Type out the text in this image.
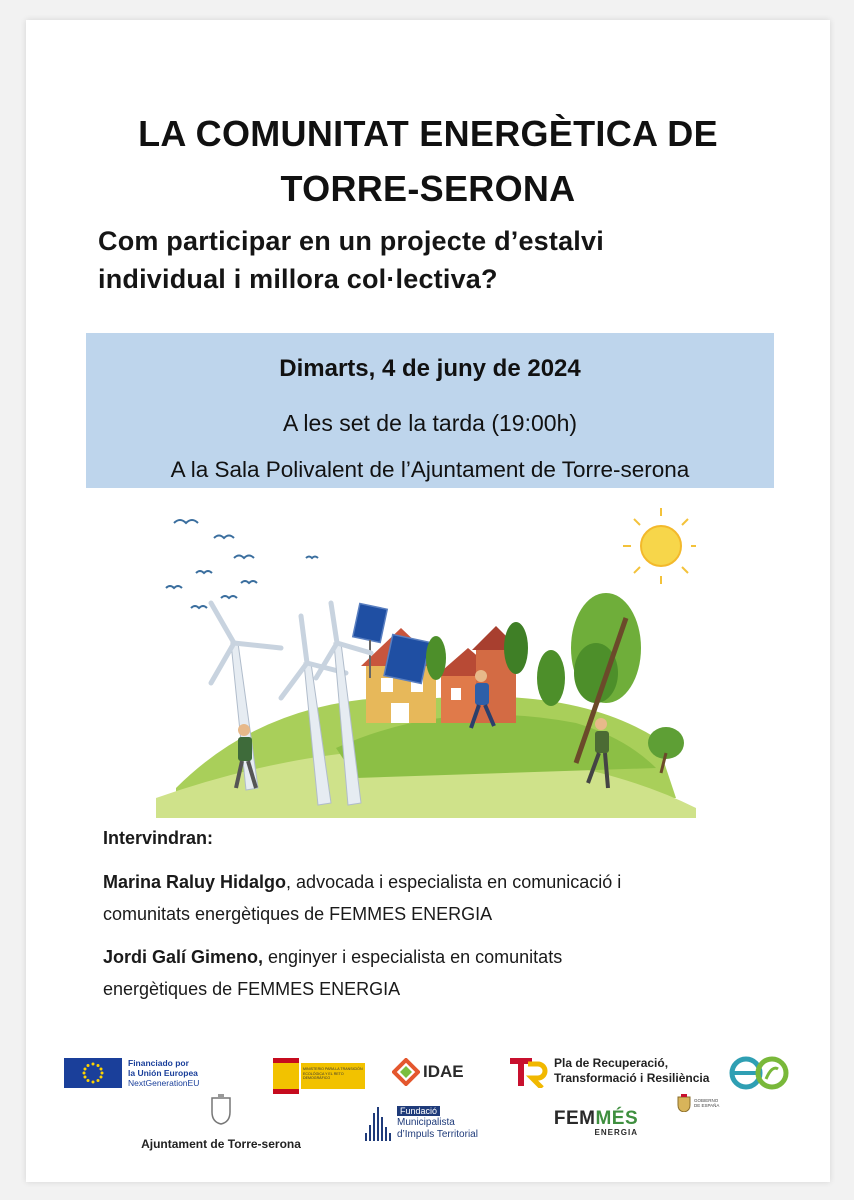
LA COMUNITAT ENERGÈTICA DE
TORRE-SERONA
Com participar en un projecte d’estalvi
individual i millora col·lectiva?
Dimarts, 4 de juny de 2024
A les set de la tarda (19:00h)
A la Sala Polivalent de l’Ajuntament de Torre-serona
Intervindran:
Marina Raluy Hidalgo, advocada i especialista en comunicació i
comunitats energètiques de FEMMES ENERGIA
Jordi Galí Gimeno, enginyer i especialista en comunitats
energètiques de FEMMES ENERGIA
Financiado por
la Unión Europea
NextGenerationEU
MINISTERIO PARA LA TRANSICIÓN ECOLÓGICA Y EL RETO DEMOGRÁFICO	IDAE	Pla de Recuperació,
Transformació i Resiliència
Ajuntament de Torre-serona
Fundació
Municipalista
d’Impuls Territorial
FEMMÉS
ENERGIA
GOBIERNO
DE ESPAÑA
